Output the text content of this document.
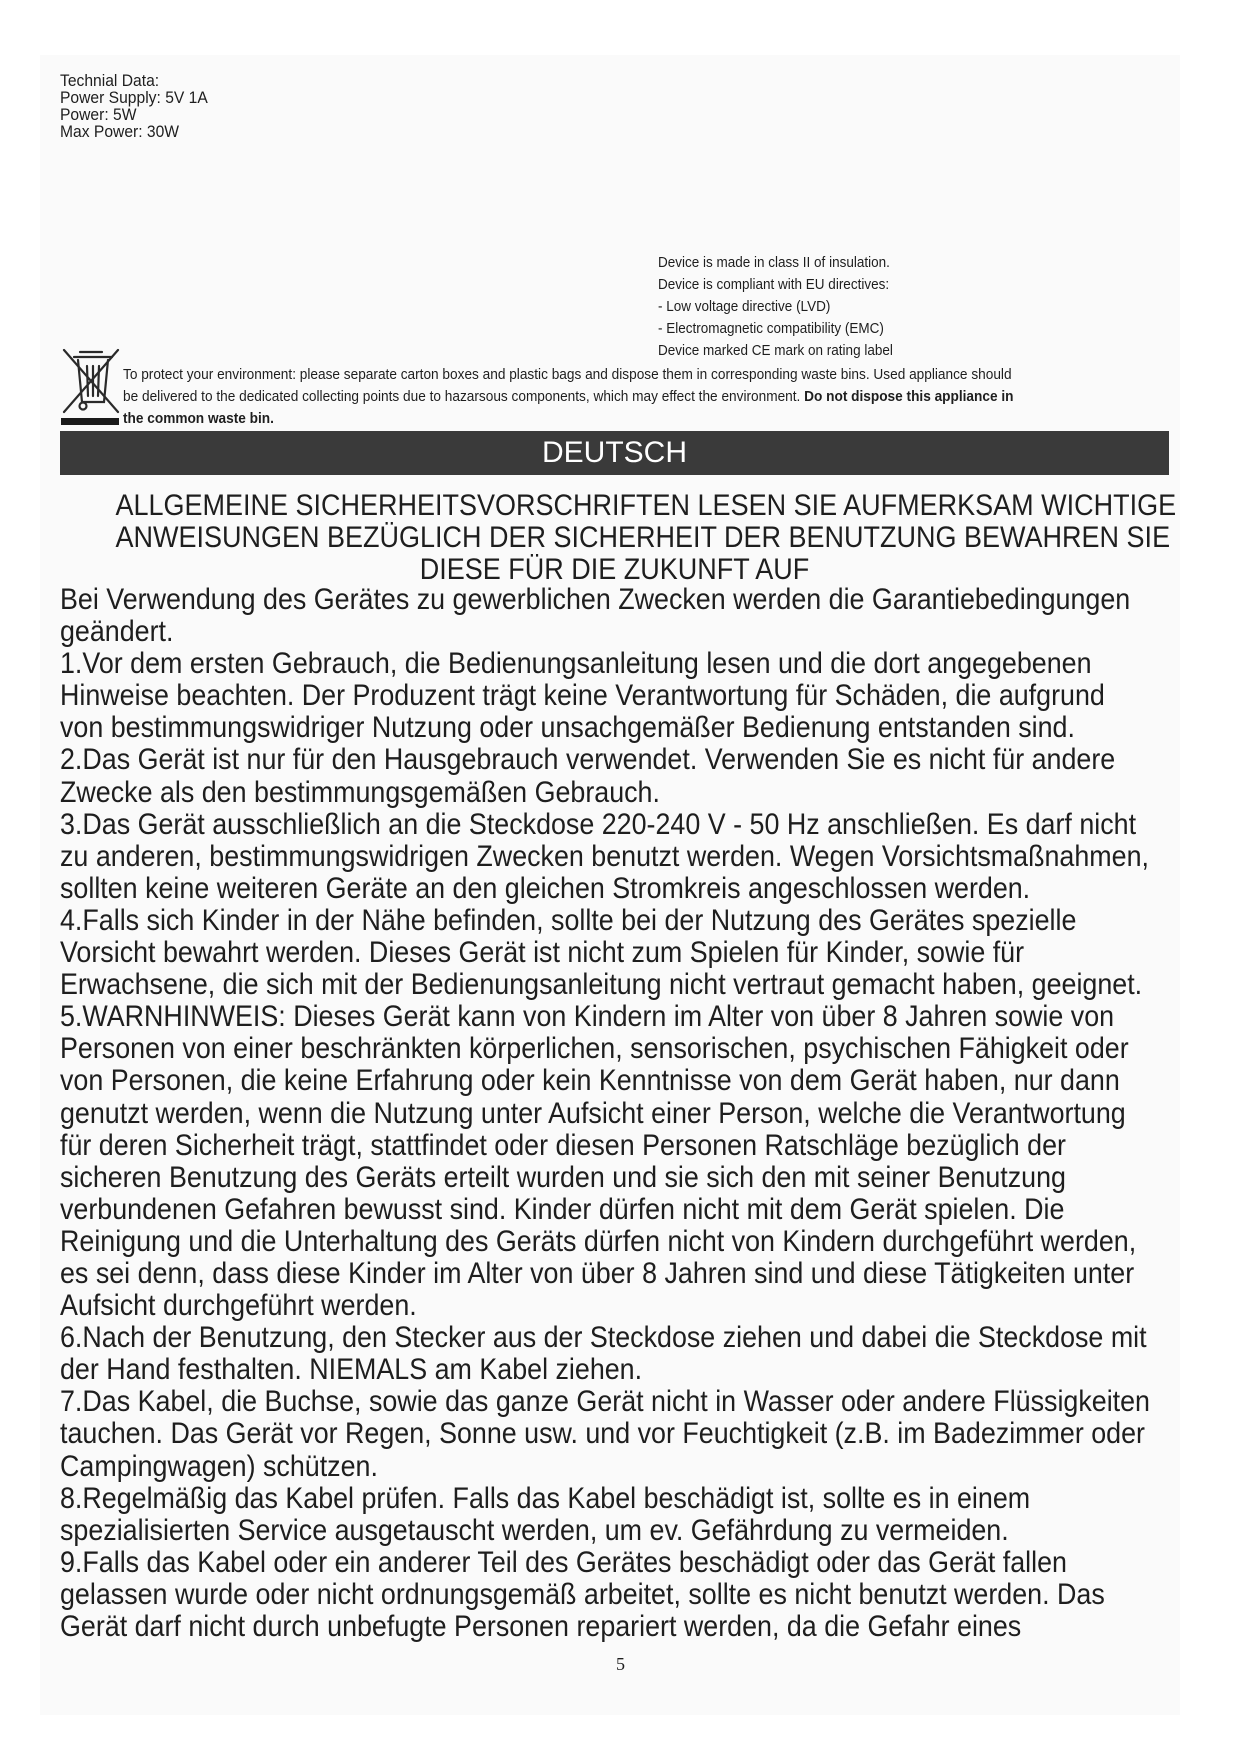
Technial Data:
Power Supply: 5V 1A
Power: 5W
Max Power: 30W
Device is made in class II of insulation.
Device is compliant with EU directives:
- Low voltage directive (LVD)
- Electromagnetic compatibility (EMC)
Device marked CE mark on rating label
To protect your environment: please separate carton boxes and plastic bags and dispose them in corresponding waste bins. Used appliance should
be delivered to the dedicated collecting points due to hazarsous components, which may effect the environment. Do not dispose this appliance in
the common waste bin.
DEUTSCH
ALLGEMEINE SICHERHEITSVORSCHRIFTEN LESEN SIE AUFMERKSAM WICHTIGE
ANWEISUNGEN BEZÜGLICH DER SICHERHEIT DER BENUTZUNG BEWAHREN SIE
DIESE FÜR DIE ZUKUNFT AUF
Bei Verwendung des Gerätes zu gewerblichen Zwecken werden die Garantiebedingungen
geändert.
1.Vor dem ersten Gebrauch, die Bedienungsanleitung lesen und die dort angegebenen
Hinweise beachten. Der Produzent trägt keine Verantwortung für Schäden, die aufgrund
von bestimmungswidriger Nutzung oder unsachgemäßer Bedienung entstanden sind.
2.Das Gerät ist nur für den Hausgebrauch verwendet. Verwenden Sie es nicht für andere
Zwecke als den bestimmungsgemäßen Gebrauch.
3.Das Gerät ausschließlich an die Steckdose 220-240 V - 50 Hz anschließen. Es darf nicht
zu anderen, bestimmungswidrigen Zwecken benutzt werden. Wegen Vorsichtsmaßnahmen,
sollten keine weiteren Geräte an den gleichen Stromkreis angeschlossen werden.
4.Falls sich Kinder in der Nähe befinden, sollte bei der Nutzung des Gerätes spezielle
Vorsicht bewahrt werden. Dieses Gerät ist nicht zum Spielen für Kinder, sowie für
Erwachsene, die sich mit der Bedienungsanleitung nicht vertraut gemacht haben, geeignet.
5.WARNHINWEIS: Dieses Gerät kann von Kindern im Alter von über 8 Jahren sowie von
Personen von einer beschränkten körperlichen, sensorischen, psychischen Fähigkeit oder
von Personen, die keine Erfahrung oder kein Kenntnisse von dem Gerät haben, nur dann
genutzt werden, wenn die Nutzung unter Aufsicht einer Person, welche die Verantwortung
für deren Sicherheit trägt, stattfindet oder diesen Personen Ratschläge bezüglich der
sicheren Benutzung des Geräts erteilt wurden und sie sich den mit seiner Benutzung
verbundenen Gefahren bewusst sind. Kinder dürfen nicht mit dem Gerät spielen. Die
Reinigung und die Unterhaltung des Geräts dürfen nicht von Kindern durchgeführt werden,
es sei denn, dass diese Kinder im Alter von über 8 Jahren sind und diese Tätigkeiten unter
Aufsicht durchgeführt werden.
6.Nach der Benutzung, den Stecker aus der Steckdose ziehen und dabei die Steckdose mit
der Hand festhalten. NIEMALS am Kabel ziehen.
7.Das Kabel, die Buchse, sowie das ganze Gerät nicht in Wasser oder andere Flüssigkeiten
tauchen. Das Gerät vor Regen, Sonne usw. und vor Feuchtigkeit (z.B. im Badezimmer oder
Campingwagen) schützen.
8.Regelmäßig das Kabel prüfen. Falls das Kabel beschädigt ist, sollte es in einem
spezialisierten Service ausgetauscht werden, um ev. Gefährdung zu vermeiden.
9.Falls das Kabel oder ein anderer Teil des Gerätes beschädigt oder das Gerät fallen
gelassen wurde oder nicht ordnungsgemäß arbeitet, sollte es nicht benutzt werden. Das
Gerät darf nicht durch unbefugte Personen repariert werden, da die Gefahr eines
5
